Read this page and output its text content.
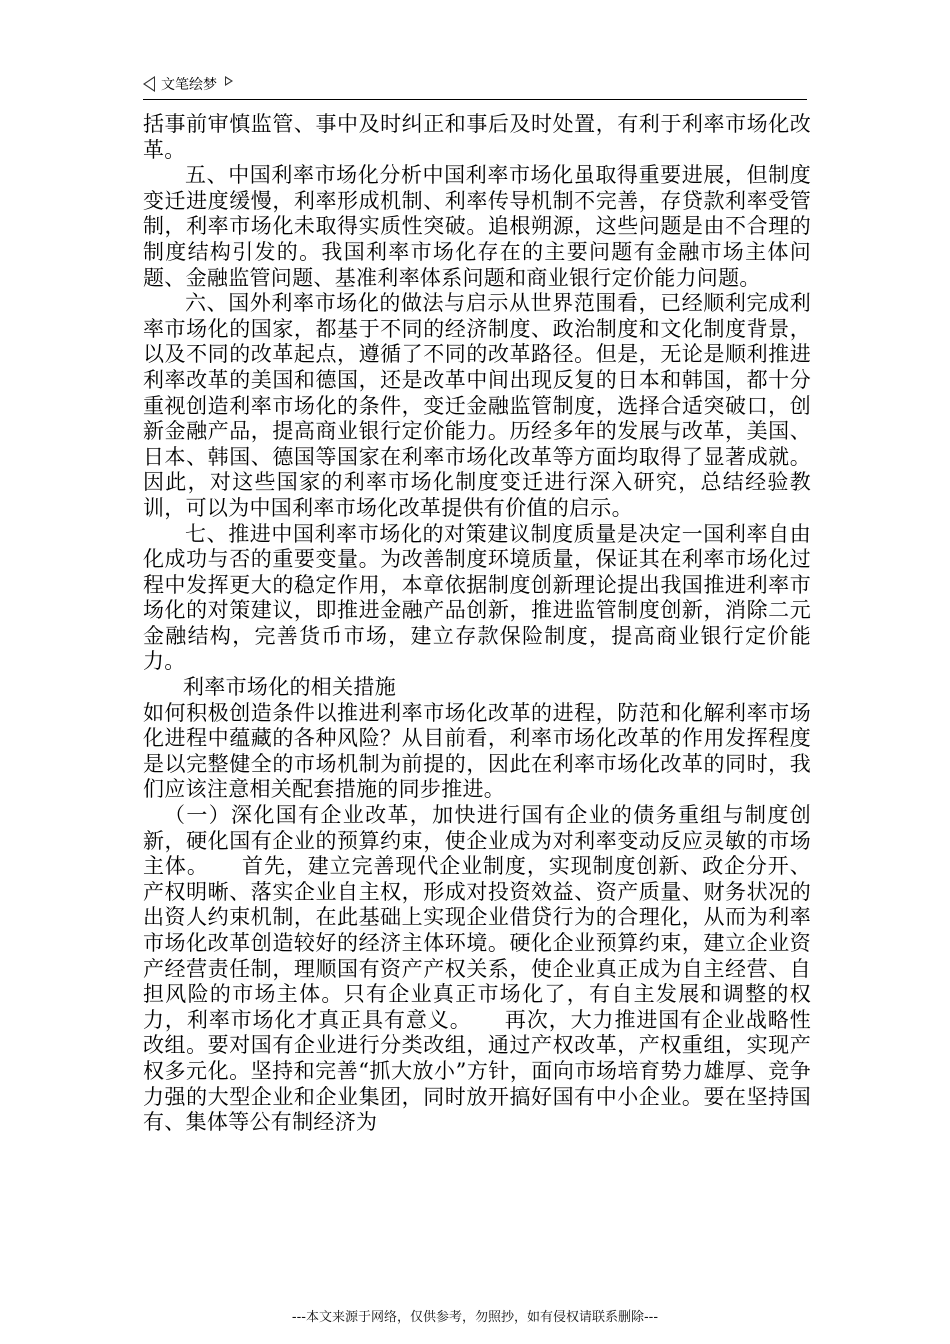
文笔绘梦

括事前审慎监管、事中及时纠正和事后及时处置，有利于利率市场化改革。

五、中国利率市场化分析中国利率市场化虽取得重要进展，但制度变迁进度缓慢，利率形成机制、利率传导机制不完善，存贷款利率受管制，利率市场化未取得实质性突破。追根朔源，这些问题是由不合理的制度结构引发的。我国利率市场化存在的主要问题有金融市场主体问题、金融监管问题、基准利率体系问题和商业银行定价能力问题。

六、国外利率市场化的做法与启示从世界范围看，已经顺利完成利率市场化的国家，都基于不同的经济制度、政治制度和文化制度背景，以及不同的改革起点，遵循了不同的改革路径。但是，无论是顺利推进利率改革的美国和德国，还是改革中间出现反复的日本和韩国，都十分重视创造利率市场化的条件，变迁金融监管制度，选择合适突破口，创新金融产品，提高商业银行定价能力。历经多年的发展与改革，美国、日本、韩国、德国等国家在利率市场化改革等方面均取得了显著成就。因此，对这些国家的利率市场化制度变迁进行深入研究，总结经验教训，可以为中国利率市场化改革提供有价值的启示。

七、推进中国利率市场化的对策建议制度质量是决定一国利率自由化成功与否的重要变量。为改善制度环境质量，保证其在利率市场化过程中发挥更大的稳定作用，本章依据制度创新理论提出我国推进利率市场化的对策建议，即推进金融产品创新，推进监管制度创新，消除二元金融结构，完善货币市场，建立存款保险制度，提高商业银行定价能力。

利率市场化的相关措施

如何积极创造条件以推进利率市场化改革的进程，防范和化解利率市场化进程中蕴藏的各种风险？从目前看，利率市场化改革的作用发挥程度是以完整健全的市场机制为前提的，因此在利率市场化改革的同时，我们应该注意相关配套措施的同步推进。

（一）深化国有企业改革，加快进行国有企业的债务重组与制度创新，硬化国有企业的预算约束，使企业成为对利率变动反应灵敏的市场主体。　　首先，建立完善现代企业制度，实现制度创新、政企分开、产权明晰、落实企业自主权，形成对投资效益、资产质量、财务状况的出资人约束机制，在此基础上实现企业借贷行为的合理化，从而为利率市场化改革创造较好的经济主体环境。硬化企业预算约束，建立企业资产经营责任制，理顺国有资产产权关系，使企业真正成为自主经营、自担风险的市场主体。只有企业真正市场化了，有自主发展和调整的权力，利率市场化才真正具有意义。　　再次，大力推进国有企业战略性改组。要对国有企业进行分类改组，通过产权改革，产权重组，实现产权多元化。坚持和完善“抓大放小”方针，面向市场培育势力雄厚、竞争力强的大型企业和企业集团，同时放开搞好国有中小企业。要在坚持国有、集体等公有制经济为

---本文来源于网络，仅供参考，勿照抄，如有侵权请联系删除---
